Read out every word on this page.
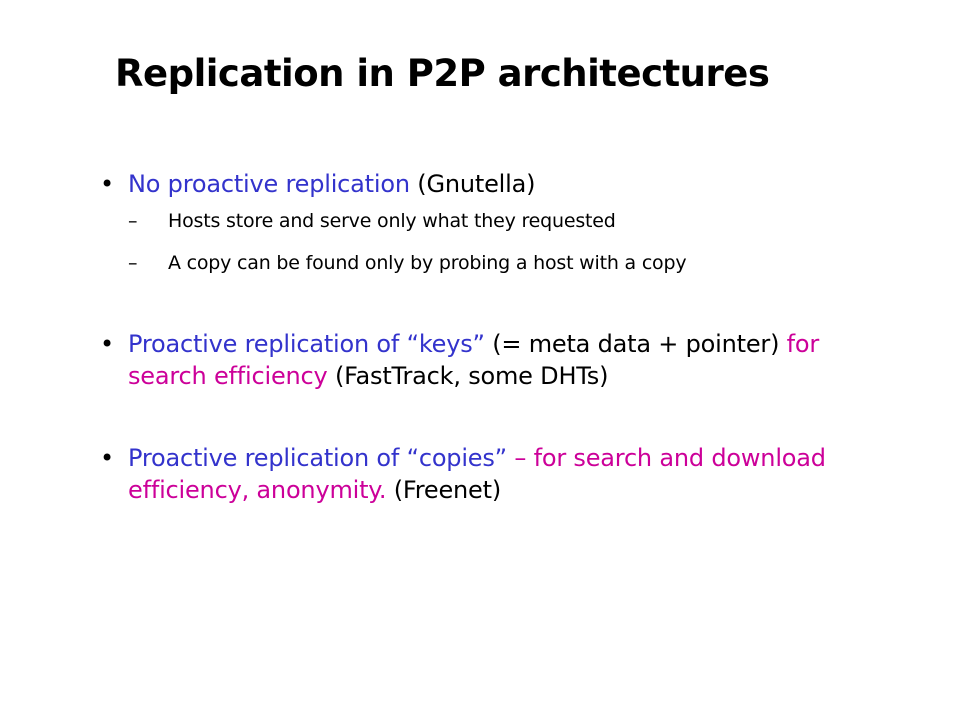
Replication in P2P architectures
• No proactive replication (Gnutella)
– Hosts store and serve only what they requested
– A copy can be found only by probing a host with a copy
• Proactive replication of “keys” (= meta data + pointer) for search efficiency (FastTrack, some DHTs)
• Proactive replication of “copies” – for search and download efficiency, anonymity. (Freenet)
